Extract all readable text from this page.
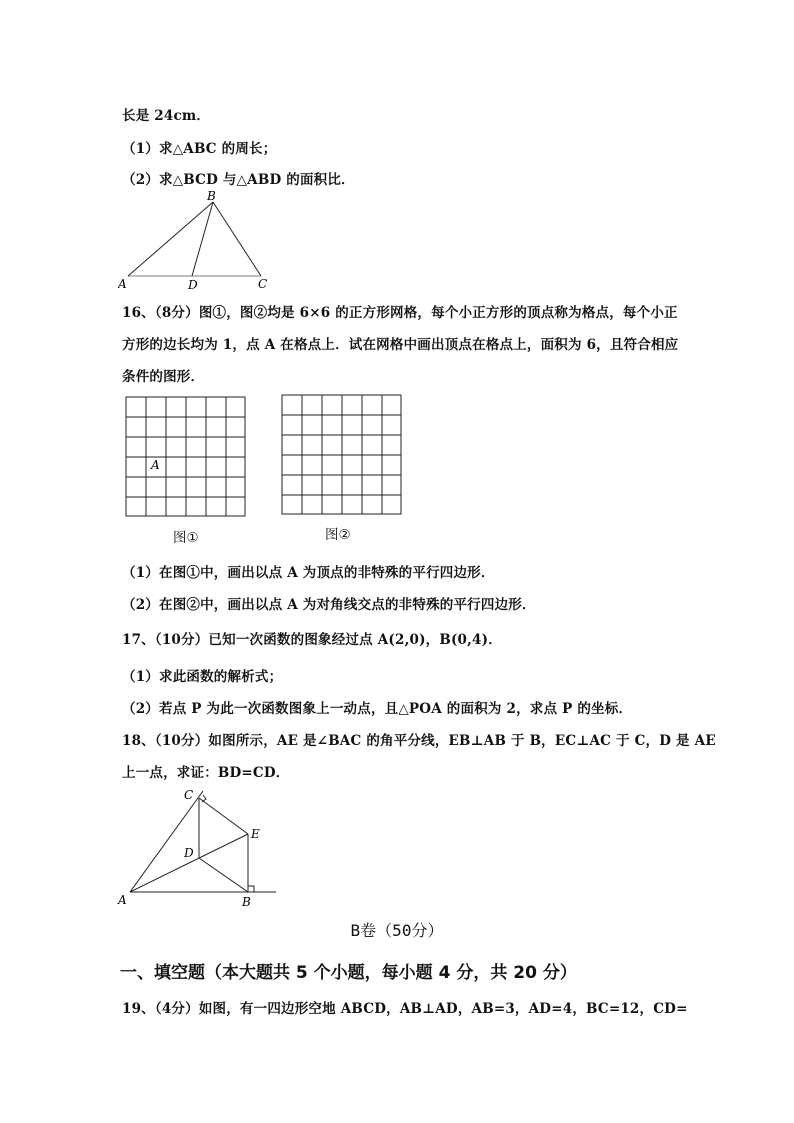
长是 24cm．
（1）求△ABC 的周长；
（2）求△BCD 与△ABD 的面积比．
A
B
C
D
16、（8分）图①，图②均是 6×6 的正方形网格，每个小正方形的顶点称为格点，每个小正
方形的边长均为 1，点 A 在格点上．试在网格中画出顶点在格点上，面积为 6，且符合相应
条件的图形．
A
图①	图②
（1）在图①中，画出以点 A 为顶点的非特殊的平行四边形．
（2）在图②中，画出以点 A 为对角线交点的非特殊的平行四边形．
17、（10分）已知一次函数的图象经过点 A(2,0)，B(0,4)．
（1）求此函数的解析式；
（2）若点 P 为此一次函数图象上一动点，且△POA 的面积为 2，求点 P 的坐标．
18、（10分）如图所示，AE 是∠BAC 的角平分线，EB⊥AB 于 B，EC⊥AC 于 C，D 是 AE
上一点，求证：BD=CD．
A	B
C
D
E
B卷（50分）
一、填空题（本大题共 5 个小题，每小题 4 分，共 20 分）
19、（4分）如图，有一四边形空地 ABCD，AB⊥AD，AB=3，AD=4，BC=12，CD=
